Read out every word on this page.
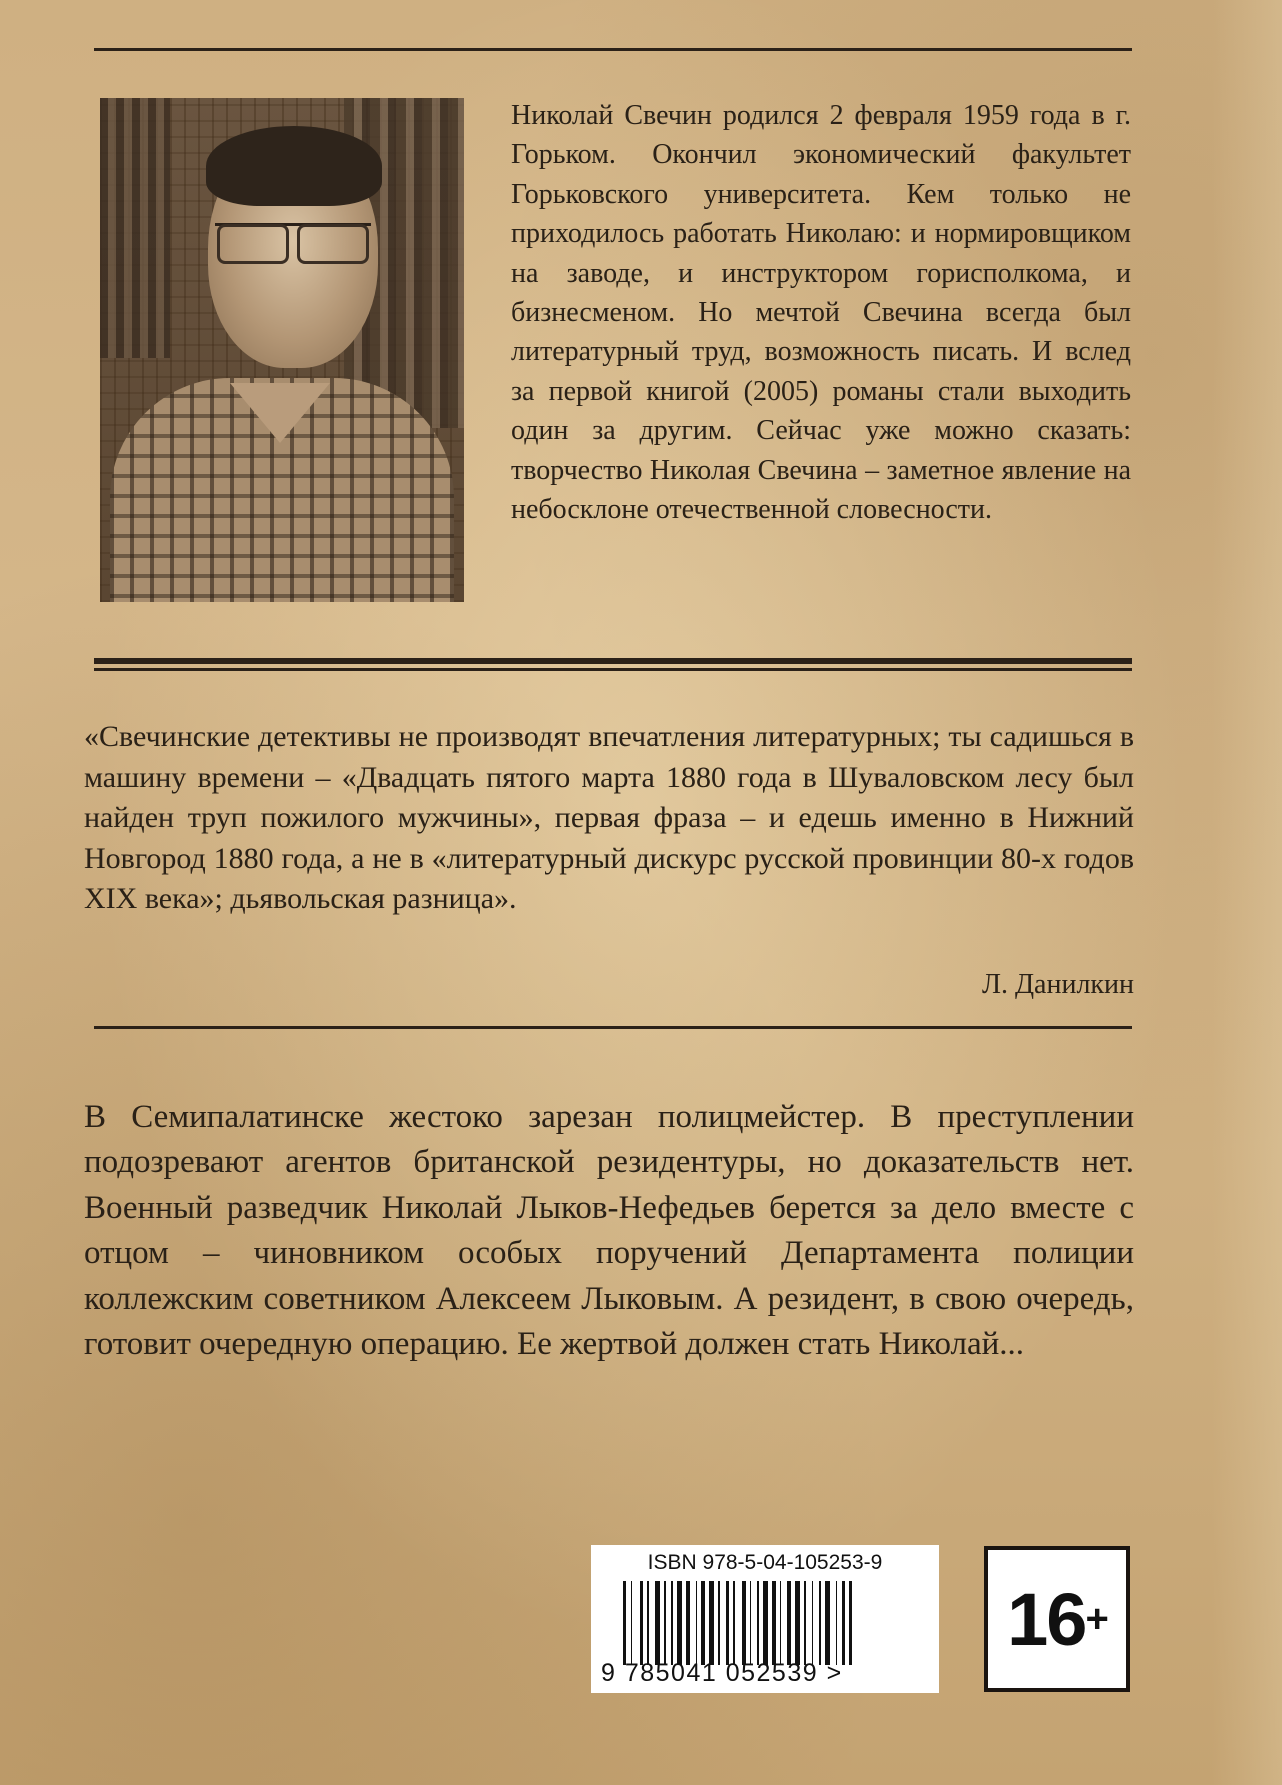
Николай Свечин родился 2 февраля 1959 года в г. Горьком. Окончил экономический факультет Горьковского университета. Кем только не приходилось работать Николаю: и нормировщиком на заводе, и инструктором горисполкома, и бизнесменом. Но мечтой Свечина всегда был литературный труд, возможность писать. И вслед за первой книгой (2005) романы стали выходить один за другим. Сейчас уже можно сказать: творчество Николая Свечина – заметное явление на небосклоне отечественной словесности.

«Свечинские детективы не производят впечатления литературных; ты садишься в машину времени – «Двадцать пятого марта 1880 года в Шуваловском лесу был найден труп пожилого мужчины», первая фраза – и едешь именно в Нижний Новгород 1880 года, а не в «литературный дискурс русской провинции 80-х годов XIX века»; дьявольская разница».

Л. Данилкин

В Семипалатинске жестоко зарезан полицмейстер. В преступлении подозревают агентов британской резидентуры, но доказательств нет. Военный разведчик Николай Лыков-Нефедьев берется за дело вместе с отцом – чиновником особых поручений Департамента полиции коллежским советником Алексеем Лыковым. А резидент, в свою очередь, готовит очередную операцию. Ее жертвой должен стать Николай...

ISBN 978-5-04-105253-9
9 785041 052539 >
16 +
